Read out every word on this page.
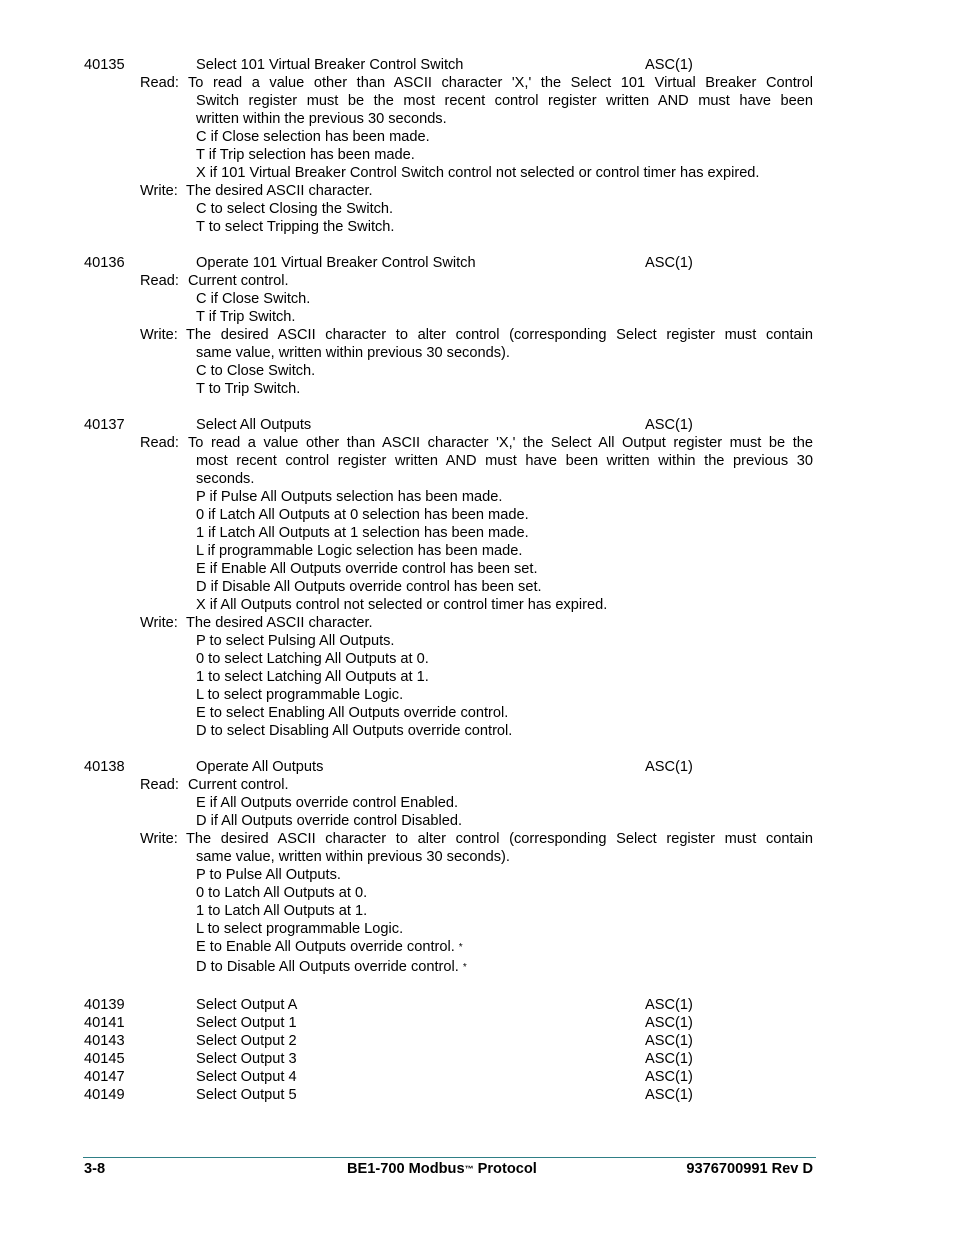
40135	Select 101 Virtual Breaker Control Switch	ASC(1)
Read: To read a value other than ASCII character 'X,' the Select 101 Virtual Breaker Control
Switch register must be the most recent control register written AND must have been
written within the previous 30 seconds.
C if Close selection has been made.
T if Trip selection has been made.
X if 101 Virtual Breaker Control Switch control not selected or control timer has expired.
Write: The desired ASCII character.
C to select Closing the Switch.
T to select Tripping the Switch.
40136	Operate 101 Virtual Breaker Control Switch	ASC(1)
Read: Current control.
C if Close Switch.
T if Trip Switch.
Write: The desired ASCII character to alter control (corresponding Select register must contain
same value, written within previous 30 seconds).
C to Close Switch.
T to Trip Switch.
40137	Select All Outputs	ASC(1)
Read: To read a value other than ASCII character 'X,' the Select All Output register must be the
most recent control register written AND must have been written within the previous 30
seconds.
P if Pulse All Outputs selection has been made.
0 if Latch All Outputs at 0 selection has been made.
1 if Latch All Outputs at 1 selection has been made.
L if programmable Logic selection has been made.
E if Enable All Outputs override control has been set.
D if Disable All Outputs override control has been set.
X if All Outputs control not selected or control timer has expired.
Write: The desired ASCII character.
P to select Pulsing All Outputs.
0 to select Latching All Outputs at 0.
1 to select Latching All Outputs at 1.
L to select programmable Logic.
E to select Enabling All Outputs override control.
D to select Disabling All Outputs override control.
40138	Operate All Outputs	ASC(1)
Read: Current control.
E if All Outputs override control Enabled.
D if All Outputs override control Disabled.
Write: The desired ASCII character to alter control (corresponding Select register must contain
same value, written within previous 30 seconds).
P to Pulse All Outputs.
0 to Latch All Outputs at 0.
1 to Latch All Outputs at 1.
L to select programmable Logic.
E to Enable All Outputs override control. *
D to Disable All Outputs override control. *
40139	Select Output A	ASC(1)
40141	Select Output 1	ASC(1)
40143	Select Output 2	ASC(1)
40145	Select Output 3	ASC(1)
40147	Select Output 4	ASC(1)
40149	Select Output 5	ASC(1)
3-8	BE1-700 Modbus™ Protocol	9376700991 Rev D
